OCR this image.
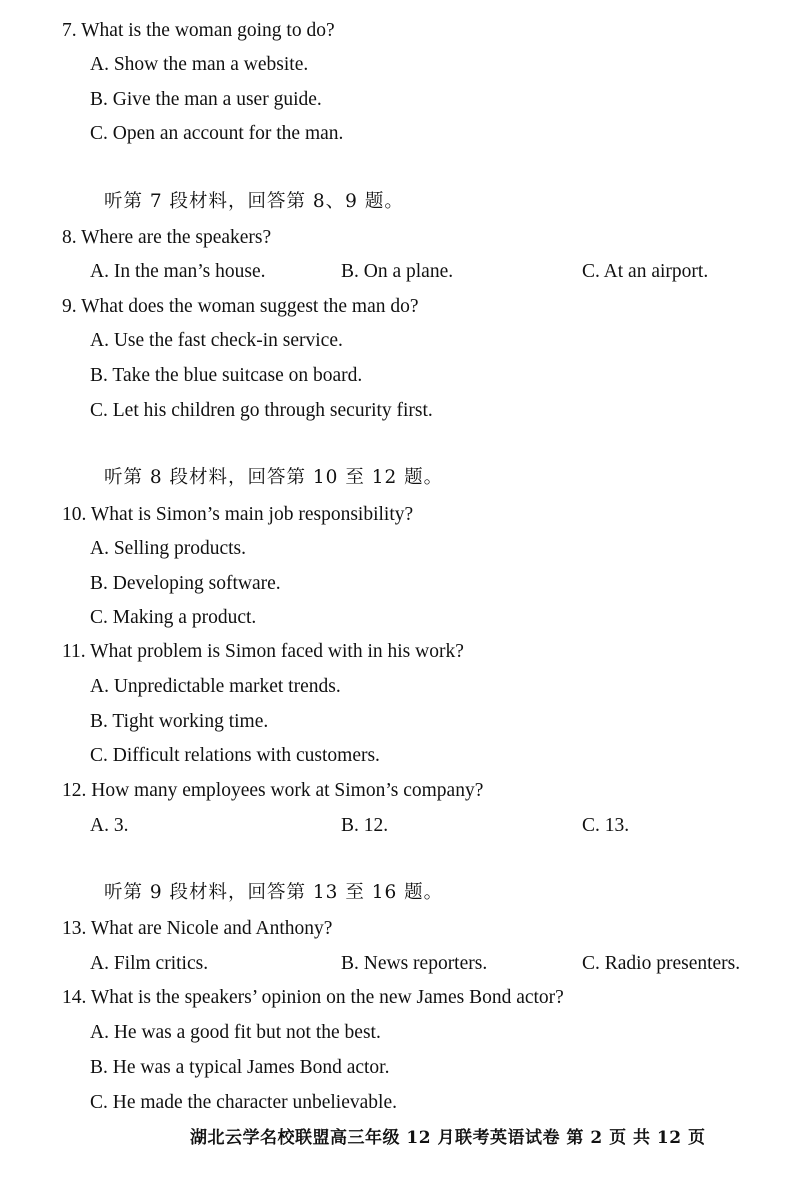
7. What is the woman going to do?
A. Show the man a website.
B. Give the man a user guide.
C. Open an account for the man.
听第 7 段材料，回答第 8、9 题。
8. Where are the speakers?
A. In the man’s house.	B. On a plane.	C. At an airport.
9. What does the woman suggest the man do?
A. Use the fast check-in service.
B. Take the blue suitcase on board.
C. Let his children go through security first.
听第 8 段材料，回答第 10 至 12 题。
10. What is Simon’s main job responsibility?
A. Selling products.
B. Developing software.
C. Making a product.
11. What problem is Simon faced with in his work?
A. Unpredictable market trends.
B. Tight working time.
C. Difficult relations with customers.
12. How many employees work at Simon’s company?
A. 3.	B. 12.	C. 13.
听第 9 段材料，回答第 13 至 16 题。
13. What are Nicole and Anthony?
A. Film critics.	B. News reporters.	C. Radio presenters.
14. What is the speakers’ opinion on the new James Bond actor?
A. He was a good fit but not the best.
B. He was a typical James Bond actor.
C. He made the character unbelievable.
湖北云学名校联盟高三年级 12 月联考英语试卷 第 2 页 共 12 页
